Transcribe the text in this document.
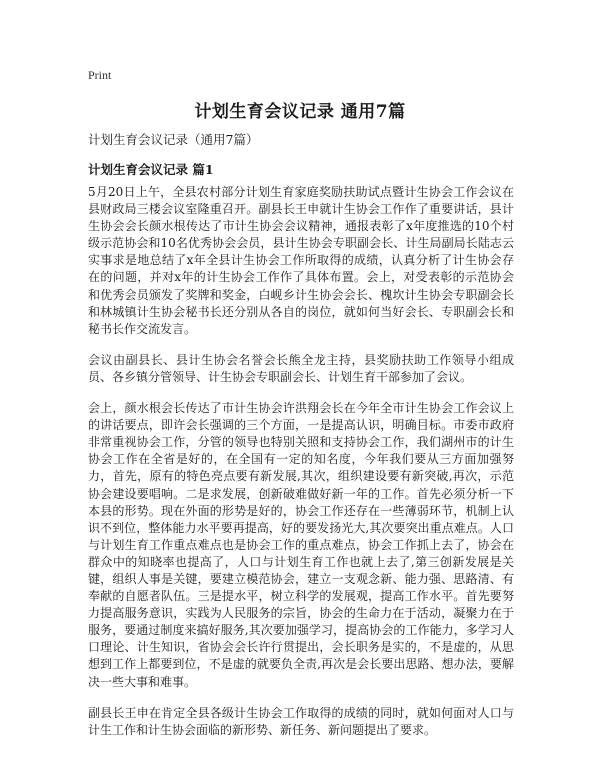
Print
计划生育会议记录 通用7篇

计划生育会议记录（通用7篇）

计划生育会议记录 篇1

5月20日上午，全县农村部分计划生育家庭奖励扶助试点暨计生协会工作会议在县财政局三楼会议室隆重召开。副县长王申就计生协会工作作了重要讲话，县计生协会会长颜水根传达了市计生协会会议精神，通报表彰了x年度推选的10个村级示范协会和10名优秀协会会员，县计生协会专职副会长、计生局副局长陆志云实事求是地总结了x年全县计生协会工作所取得的成绩，认真分析了计生协会存在的问题，并对x年的计生协会工作作了具体布置。会上，对受表彰的示范协会和优秀会员颁发了奖牌和奖金，白岘乡计生协会会长、槐坎计生协会专职副会长和林城镇计生协会秘书长还分别从各自的岗位，就如何当好会长、专职副会长和秘书长作交流发言。

会议由副县长、县计生协会名誉会长熊全龙主持，县奖励扶助工作领导小组成员、各乡镇分管领导、计生协会专职副会长、计划生育干部参加了会议。

会上，颜水根会长传达了市计生协会许洪翔会长在今年全市计生协会工作会议上的讲话要点，即许会长强调的三个方面，一是提高认识，明确目标。市委市政府非常重视协会工作，分管的领导也特别关照和支持协会工作，我们湖州市的计生协会工作在全省是好的，在全国有一定的知名度，今年我们要从三方面加强努力，首先，原有的特色亮点要有新发展,其次，组织建设要有新突破,再次，示范协会建设要唱响。二是求发展，创新破难做好新一年的工作。首先必须分析一下本县的形势。现在外面的形势是好的，协会工作还存在一些薄弱环节，机制上认识不到位，整体能力水平要再提高，好的要发扬光大,其次要突出重点难点。人口与计划生育工作重点难点也是协会工作的重点难点，协会工作抓上去了，协会在群众中的知晓率也提高了，人口与计划生育工作也就上去了,第三创新发展是关键，组织人事是关键，要建立模范协会，建立一支观念新、能力强、思路清、有奉献的自愿者队伍。三是提水平，树立科学的发展观，提高工作水平。首先要努力提高服务意识，实践为人民服务的宗旨，协会的生命力在于活动，凝聚力在于服务，要通过制度来搞好服务,其次要加强学习，提高协会的工作能力，多学习人口理论、计生知识，省协会会长许行贯提出，会长职务是实的，不是虚的，从思想到工作上都要到位，不是虚的就要负全责,再次是会长要出思路、想办法，要解决一些大事和难事。

副县长王申在肯定全县各级计生协会工作取得的成绩的同时，就如何面对人口与计生工作和计生协会面临的新形势、新任务、新问题提出了要求。
